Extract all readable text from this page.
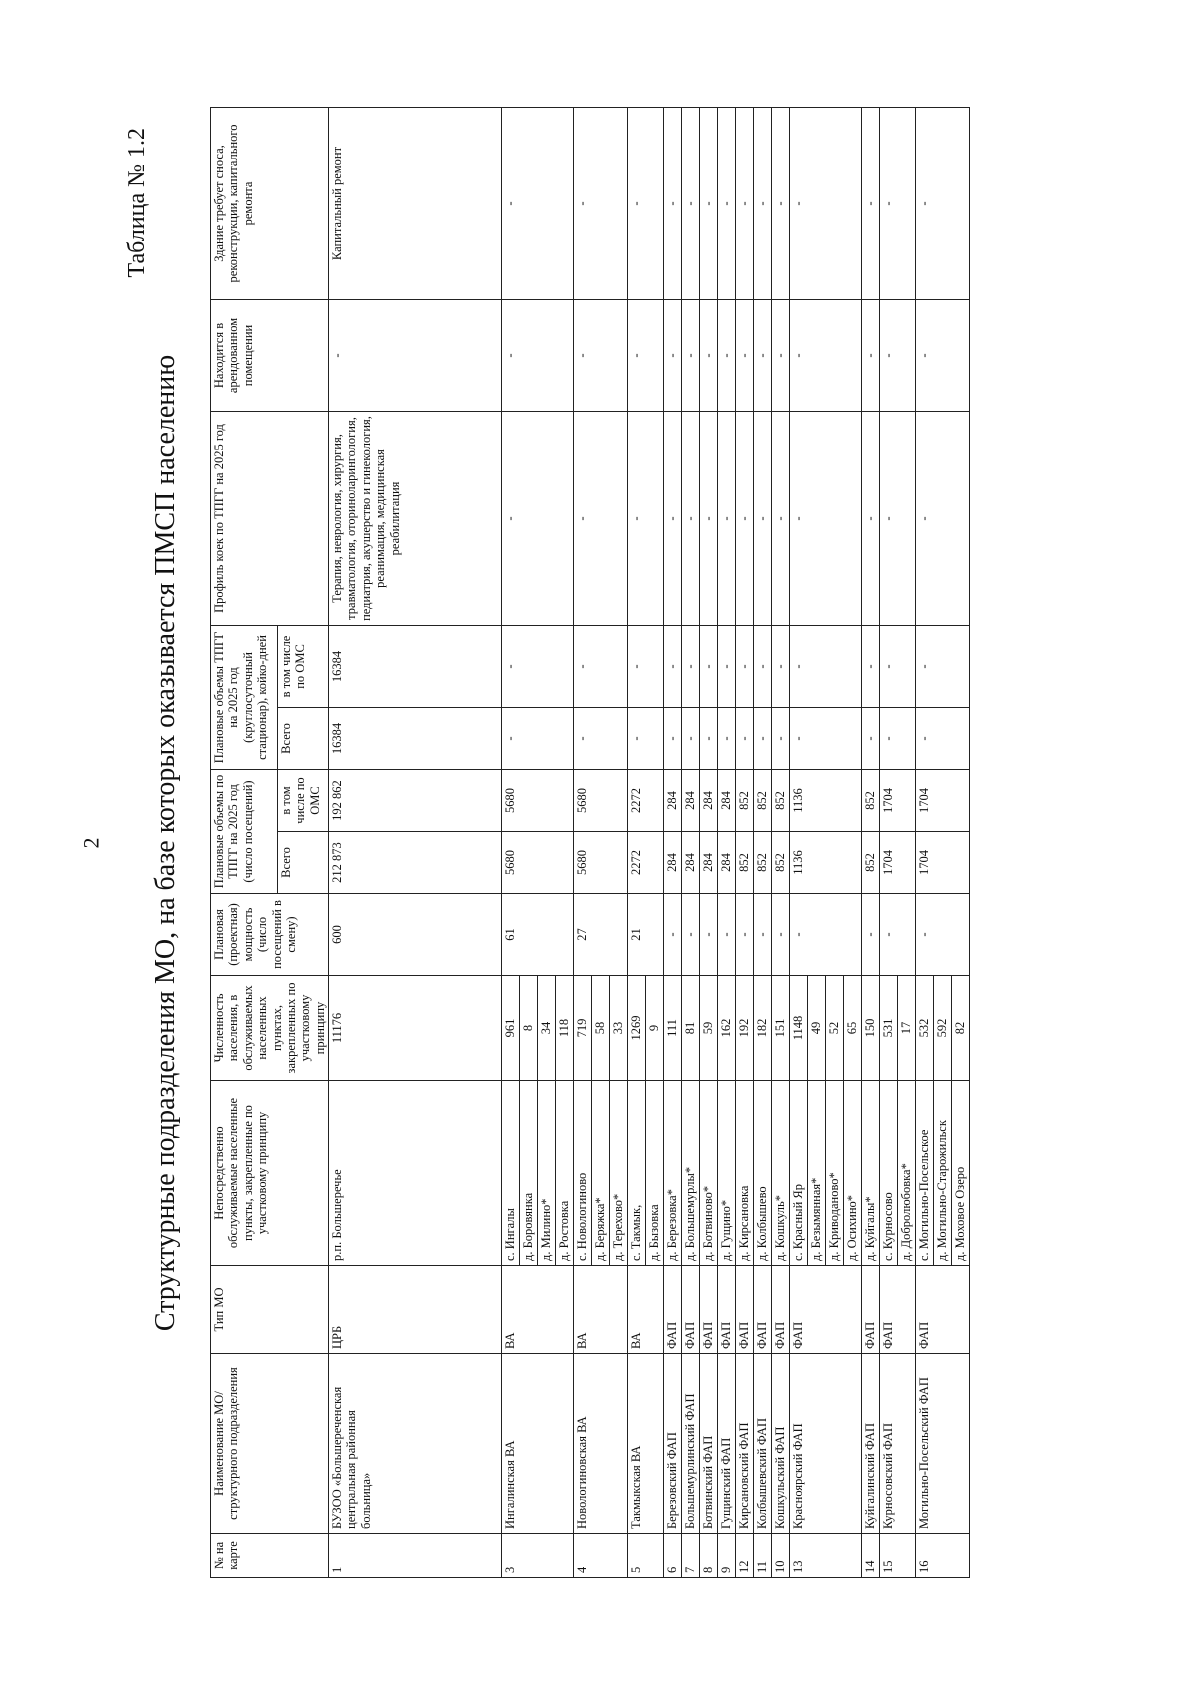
2
Таблица № 1.2
Структурные подразделения МО, на базе которых оказывается ПМСП населению
№ на карте	Наименование МО/ структурного подразделения	Тип МО	Непосредственно обслуживаемые населенные пункты, закрепленные по участковому принципу	Численность населения, в обслуживаемых населенных пунктах, закрепленных по участковому принципу	Плановая (проектная) мощность (число посещений в смену)	Плановые объемы по ТПГГ на 2025 год (число посещений)		Плановые объемы ТПГГ на 2025 год (круглосуточный стационар), койко-дней		Профиль коек по ТПГГ на 2025 год	Находится в арендованном помещении	Здание требует сноса, реконструкции, капитального ремонта
						Всего	в том числе по ОМС	Всего	в том числе по ОМС			
1	БУЗОО «Большереченская центральная районная больница»	ЦРБ	р.п. Большеречье	11176	600	212 873	192 862	16384	16384	Терапия, неврология, хирургия, травматология, оториноларингология, педиатрия, акушерство и гинекология, реанимация, медицинская реабилитация	-	Капитальный ремонт
3	Ингалинская ВА	ВА	с. Ингалы	961	61	5680	5680	-	-	-	-	-
			д. Боровянка	8								
			д. Милино*	34								
			д. Ростовка	118								
4	Новологиновская ВА	ВА	с. Новологиново	719	27	5680	5680	-	-	-	-	-
			д. Беряжка*	58								
			д. Терехово*	33								
5	Такмыкская ВА	ВА	с. Такмык,	1269	21	2272	2272	-	-	-	-	-
			д. Бызовка	9								
6	Березовский ФАП	ФАП	д. Березовка*	111	-	284	284	-	-	-	-	-
7	Большемурлинский ФАП	ФАП	д. Большемурлы*	81	-	284	284	-	-	-	-	-
8	Ботвинский ФАП	ФАП	д. Ботвиново*	59	-	284	284	-	-	-	-	-
9	Гущинский ФАП	ФАП	д. Гущино*	162	-	284	284	-	-	-	-	-
12	Кирсановский ФАП	ФАП	д. Кирсановка	192	-	852	852	-	-	-	-	-
11	Колбышевский ФАП	ФАП	д. Колбышево	182	-	852	852	-	-	-	-	-
10	Кошкульский ФАП	ФАП	д. Кошкуль*	151	-	852	852	-	-	-	-	-
13	Красноярский ФАП	ФАП	с. Красный Яр	1148	-	1136	1136	-	-	-	-	-
			д. Безымянная*	49								
			д. Криводаново*	52								
			д. Осихино*	65								
14	Куйгалинский ФАП	ФАП	д. Куйгалы*	150	-	852	852	-	-	-	-	-
15	Курносовский ФАП	ФАП	с. Курносово	531	-	1704	1704	-	-	-	-	-
			д. Добролюбовка*	17								
16	Могильно-Посельский ФАП	ФАП	с. Могильно-Посельское	532	-	1704	1704	-	-	-	-	-
			д. Могильно-Старожильск	592								
			д. Моховое Озеро	82								
